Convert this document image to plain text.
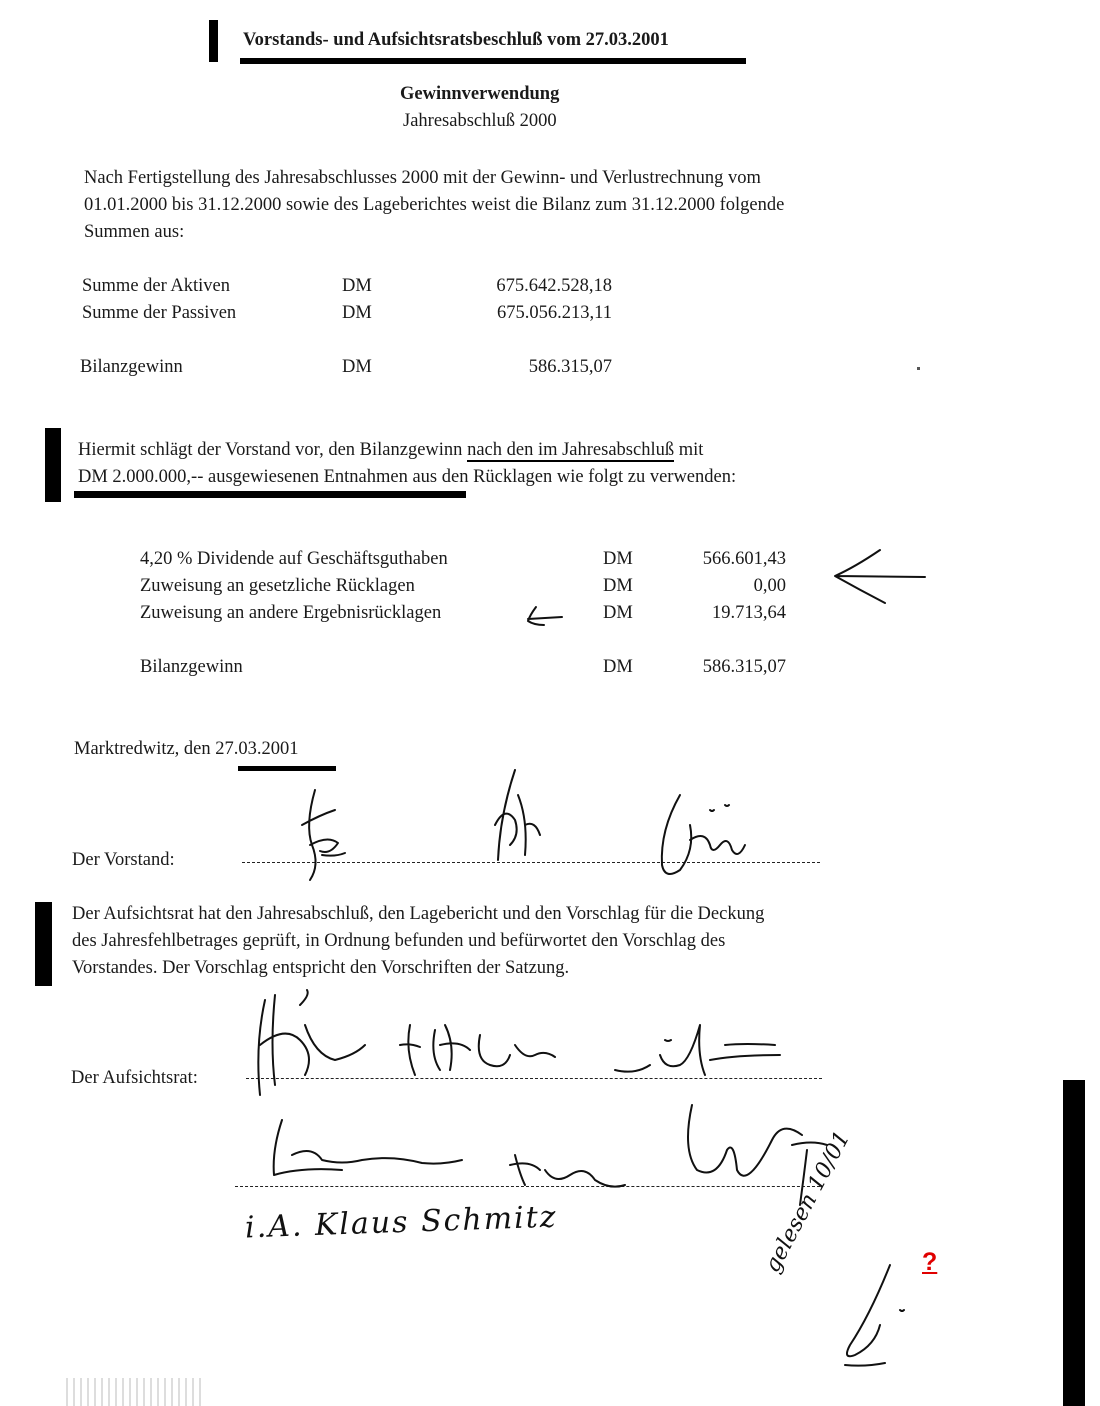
Vorstands- und Aufsichtsratsbeschluß vom 27.03.2001
Gewinnverwendung
Jahresabschluß 2000
Nach Fertigstellung des Jahresabschlusses 2000 mit der Gewinn- und Verlustrechnung vom
01.01.2000 bis 31.12.2000 sowie des Lageberichtes weist die Bilanz zum 31.12.2000 folgende
Summen aus:
Summe der Aktiven	DM	675.642.528,18
Summe der Passiven	DM	675.056.213,11
Bilanzgewinn	DM	586.315,07
Hiermit schlägt der Vorstand vor, den Bilanzgewinn nach den im Jahresabschluß mit
DM 2.000.000,-- ausgewiesenen Entnahmen aus den Rücklagen wie folgt zu verwenden:
4,20 % Dividende auf Geschäftsguthaben	DM	566.601,43
Zuweisung an gesetzliche Rücklagen	DM	0,00
Zuweisung an andere Ergebnisrücklagen	DM	19.713,64
Bilanzgewinn	DM	586.315,07
Marktredwitz, den 27.03.2001
Der Vorstand:
Der Aufsichtsrat hat den Jahresabschluß, den Lagebericht und den Vorschlag für die Deckung
des Jahresfehlbetrages geprüft, in Ordnung befunden und befürwortet den Vorschlag des
Vorstandes. Der Vorschlag entspricht den Vorschriften der Satzung.
Der Aufsichtsrat:
i.A. Klaus Schmitz	gelesen 10/01	?
